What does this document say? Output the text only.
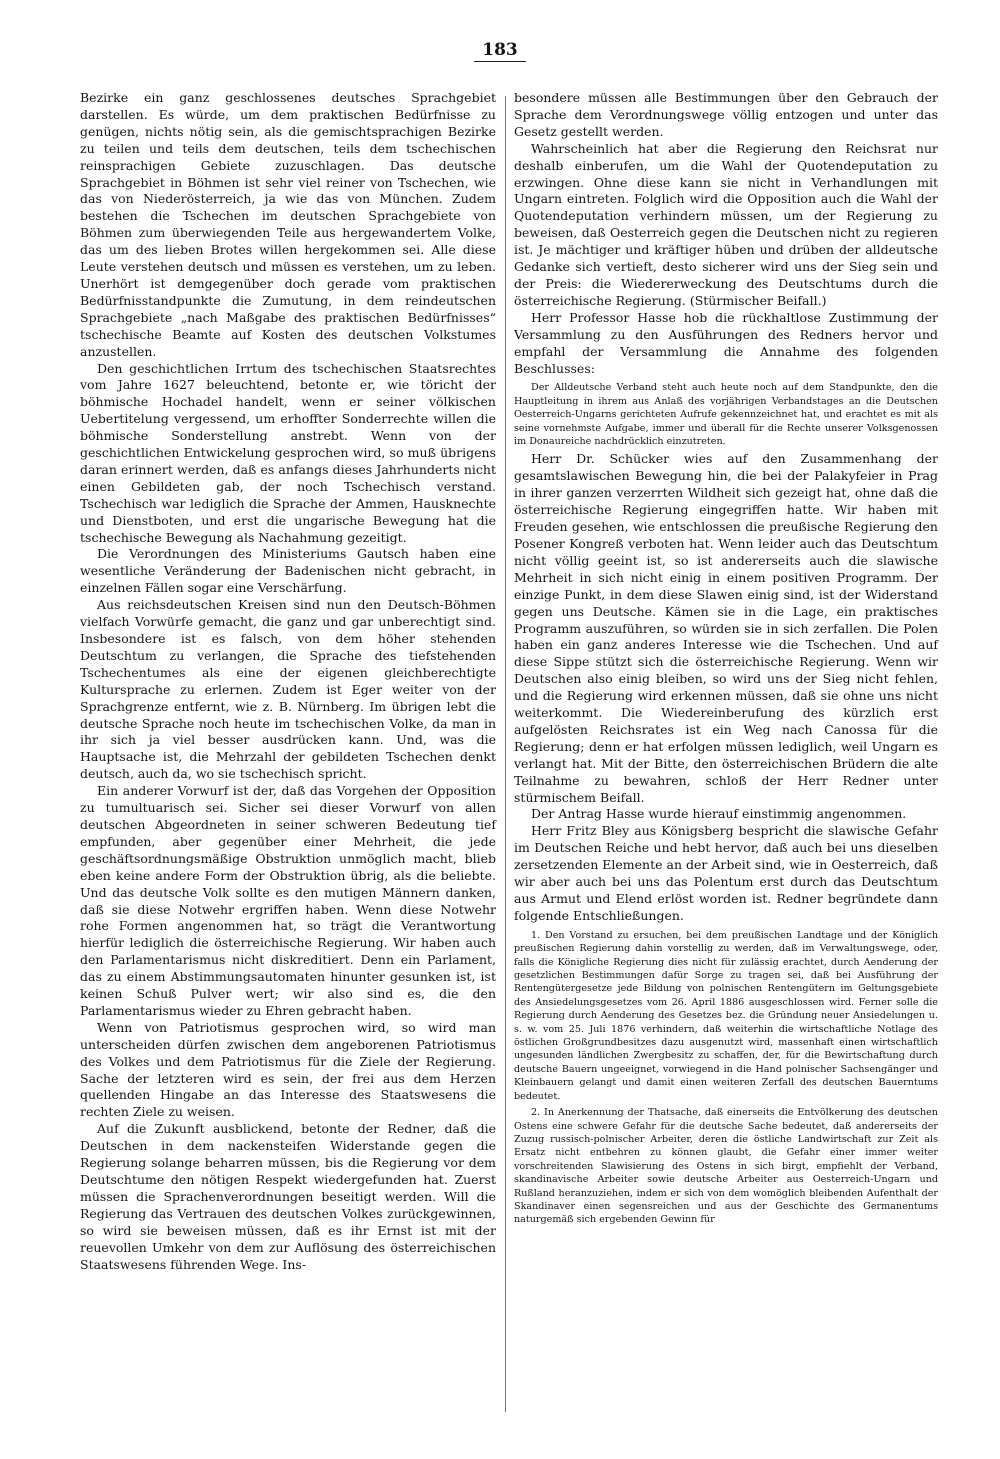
183

Bezirke ein ganz geschlossenes deutsches Sprachgebiet darstellen. Es würde, um dem praktischen Bedürfnisse zu genügen, nichts nötig sein, als die gemischtsprachigen Bezirke zu teilen und teils dem deutschen, teils dem tschechischen reinsprachigen Gebiete zuzuschlagen. Das deutsche Sprachgebiet in Böhmen ist sehr viel reiner von Tschechen, wie das von Niederösterreich, ja wie das von München. Zudem bestehen die Tschechen im deutschen Sprachgebiete von Böhmen zum überwiegenden Teile aus hergewandertem Volke, das um des lieben Brotes willen hergekommen sei. Alle diese Leute verstehen deutsch und müssen es verstehen, um zu leben. Unerhört ist demgegenüber doch gerade vom praktischen Bedürfnisstandpunkte die Zumutung, in dem reindeutschen Sprachgebiete „nach Maßgabe des praktischen Bedürfnisses“ tschechische Beamte auf Kosten des deutschen Volkstumes anzustellen.

Den geschichtlichen Irrtum des tschechischen Staatsrechtes vom Jahre 1627 beleuchtend, betonte er, wie töricht der böhmische Hochadel handelt, wenn er seiner völkischen Uebertitelung vergessend, um erhoffter Sonderrechte willen die böhmische Sonderstellung anstrebt. Wenn von der geschichtlichen Entwickelung gesprochen wird, so muß übrigens daran erinnert werden, daß es anfangs dieses Jahrhunderts nicht einen Gebildeten gab, der noch Tschechisch verstand. Tschechisch war lediglich die Sprache der Ammen, Hausknechte und Dienstboten, und erst die ungarische Bewegung hat die tschechische Bewegung als Nachahmung gezeitigt.

Die Verordnungen des Ministeriums Gautsch haben eine wesentliche Veränderung der Badenischen nicht gebracht, in einzelnen Fällen sogar eine Verschärfung.

Aus reichsdeutschen Kreisen sind nun den Deutsch-Böhmen vielfach Vorwürfe gemacht, die ganz und gar unberechtigt sind. Insbesondere ist es falsch, von dem höher stehenden Deutschtum zu verlangen, die Sprache des tiefstehenden Tschechentumes als eine der eigenen gleichberechtigte Kultursprache zu erlernen. Zudem ist Eger weiter von der Sprachgrenze entfernt, wie z. B. Nürnberg. Im übrigen lebt die deutsche Sprache noch heute im tschechischen Volke, da man in ihr sich ja viel besser ausdrücken kann. Und, was die Hauptsache ist, die Mehrzahl der gebildeten Tschechen denkt deutsch, auch da, wo sie tschechisch spricht.

Ein anderer Vorwurf ist der, daß das Vorgehen der Opposition zu tumultuarisch sei. Sicher sei dieser Vorwurf von allen deutschen Abgeordneten in seiner schweren Bedeutung tief empfunden, aber gegenüber einer Mehrheit, die jede geschäftsordnungsmäßige Obstruktion unmöglich macht, blieb eben keine andere Form der Obstruktion übrig, als die beliebte. Und das deutsche Volk sollte es den mutigen Männern danken, daß sie diese Notwehr ergriffen haben. Wenn diese Notwehr rohe Formen angenommen hat, so trägt die Verantwortung hierfür lediglich die österreichische Regierung. Wir haben auch den Parlamentarismus nicht diskreditiert. Denn ein Parlament, das zu einem Abstimmungsautomaten hinunter gesunken ist, ist keinen Schuß Pulver wert; wir also sind es, die den Parlamentarismus wieder zu Ehren gebracht haben.

Wenn von Patriotismus gesprochen wird, so wird man unterscheiden dürfen zwischen dem angeborenen Patriotismus des Volkes und dem Patriotismus für die Ziele der Regierung. Sache der letzteren wird es sein, der frei aus dem Herzen quellenden Hingabe an das Interesse des Staatswesens die rechten Ziele zu weisen.

Auf die Zukunft ausblickend, betonte der Redner, daß die Deutschen in dem nackensteifen Widerstande gegen die Regierung solange beharren müssen, bis die Regierung vor dem Deutschtume den nötigen Respekt wiedergefunden hat. Zuerst müssen die Sprachenverordnungen beseitigt werden. Will die Regierung das Vertrauen des deutschen Volkes zurückgewinnen, so wird sie beweisen müssen, daß es ihr Ernst ist mit der reuevollen Umkehr von dem zur Auflösung des österreichischen Staatswesens führenden Wege. Ins-

besondere müssen alle Bestimmungen über den Gebrauch der Sprache dem Verordnungswege völlig entzogen und unter das Gesetz gestellt werden.

Wahrscheinlich hat aber die Regierung den Reichsrat nur deshalb einberufen, um die Wahl der Quotendeputation zu erzwingen. Ohne diese kann sie nicht in Verhandlungen mit Ungarn eintreten. Folglich wird die Opposition auch die Wahl der Quotendeputation verhindern müssen, um der Regierung zu beweisen, daß Oesterreich gegen die Deutschen nicht zu regieren ist. Je mächtiger und kräftiger hüben und drüben der alldeutsche Gedanke sich vertieft, desto sicherer wird uns der Sieg sein und der Preis: die Wiedererweckung des Deutschtums durch die österreichische Regierung. (Stürmischer Beifall.)

Herr Professor Hasse hob die rückhaltlose Zustimmung der Versammlung zu den Ausführungen des Redners hervor und empfahl der Versammlung die Annahme des folgenden Beschlusses:

Der Alldeutsche Verband steht auch heute noch auf dem Standpunkte, den die Hauptleitung in ihrem aus Anlaß des vorjährigen Verbandstages an die Deutschen Oesterreich-Ungarns gerichteten Aufrufe gekennzeichnet hat, und erachtet es mit als seine vornehmste Aufgabe, immer und überall für die Rechte unserer Volksgenossen im Donaureiche nachdrücklich einzutreten.

Herr Dr. Schücker wies auf den Zusammenhang der gesamtslawischen Bewegung hin, die bei der Palakyfeier in Prag in ihrer ganzen verzerrten Wildheit sich gezeigt hat, ohne daß die österreichische Regierung eingegriffen hatte. Wir haben mit Freuden gesehen, wie entschlossen die preußische Regierung den Posener Kongreß verboten hat. Wenn leider auch das Deutschtum nicht völlig geeint ist, so ist andererseits auch die slawische Mehrheit in sich nicht einig in einem positiven Programm. Der einzige Punkt, in dem diese Slawen einig sind, ist der Widerstand gegen uns Deutsche. Kämen sie in die Lage, ein praktisches Programm auszuführen, so würden sie in sich zerfallen. Die Polen haben ein ganz anderes Interesse wie die Tschechen. Und auf diese Sippe stützt sich die österreichische Regierung. Wenn wir Deutschen also einig bleiben, so wird uns der Sieg nicht fehlen, und die Regierung wird erkennen müssen, daß sie ohne uns nicht weiterkommt. Die Wiedereinberufung des kürzlich erst aufgelösten Reichsrates ist ein Weg nach Canossa für die Regierung; denn er hat erfolgen müssen lediglich, weil Ungarn es verlangt hat. Mit der Bitte, den österreichischen Brüdern die alte Teilnahme zu bewahren, schloß der Herr Redner unter stürmischem Beifall.

Der Antrag Hasse wurde hierauf einstimmig angenommen.

Herr Fritz Bley aus Königsberg bespricht die slawische Gefahr im Deutschen Reiche und hebt hervor, daß auch bei uns dieselben zersetzenden Elemente an der Arbeit sind, wie in Oesterreich, daß wir aber auch bei uns das Polentum erst durch das Deutschtum aus Armut und Elend erlöst worden ist. Redner begründete dann folgende Entschließungen.

1. Den Vorstand zu ersuchen, bei dem preußischen Landtage und der Königlich preußischen Regierung dahin vorstellig zu werden, daß im Verwaltungswege, oder, falls die Königliche Regierung dies nicht für zulässig erachtet, durch Aenderung der gesetzlichen Bestimmungen dafür Sorge zu tragen sei, daß bei Ausführung der Rentengütergesetze jede Bildung von polnischen Rentengütern im Geltungsgebiete des Ansiedelungsgesetzes vom 26. April 1886 ausgeschlossen wird. Ferner solle die Regierung durch Aenderung des Gesetzes bez. die Gründung neuer Ansiedelungen u. s. w. vom 25. Juli 1876 verhindern, daß weiterhin die wirtschaftliche Notlage des östlichen Großgrundbesitzes dazu ausgenutzt wird, massenhaft einen wirtschaftlich ungesunden ländlichen Zwergbesitz zu schaffen, der, für die Bewirtschaftung durch deutsche Bauern ungeeignet, vorwiegend in die Hand polnischer Sachsengänger und Kleinbauern gelangt und damit einen weiteren Zerfall des deutschen Bauerntums bedeutet.

2. In Anerkennung der Thatsache, daß einerseits die Entvölkerung des deutschen Ostens eine schwere Gefahr für die deutsche Sache bedeutet, daß andererseits der Zuzug russisch-polnischer Arbeiter, deren die östliche Landwirtschaft zur Zeit als Ersatz nicht entbehren zu können glaubt, die Gefahr einer immer weiter vorschreitenden Slawisierung des Ostens in sich birgt, empfiehlt der Verband, skandinavische Arbeiter sowie deutsche Arbeiter aus Oesterreich-Ungarn und Rußland heranzuziehen, indem er sich von dem womöglich bleibenden Aufenthalt der Skandinaver einen segensreichen und aus der Geschichte des Germanentums naturgemäß sich ergebenden Gewinn für
